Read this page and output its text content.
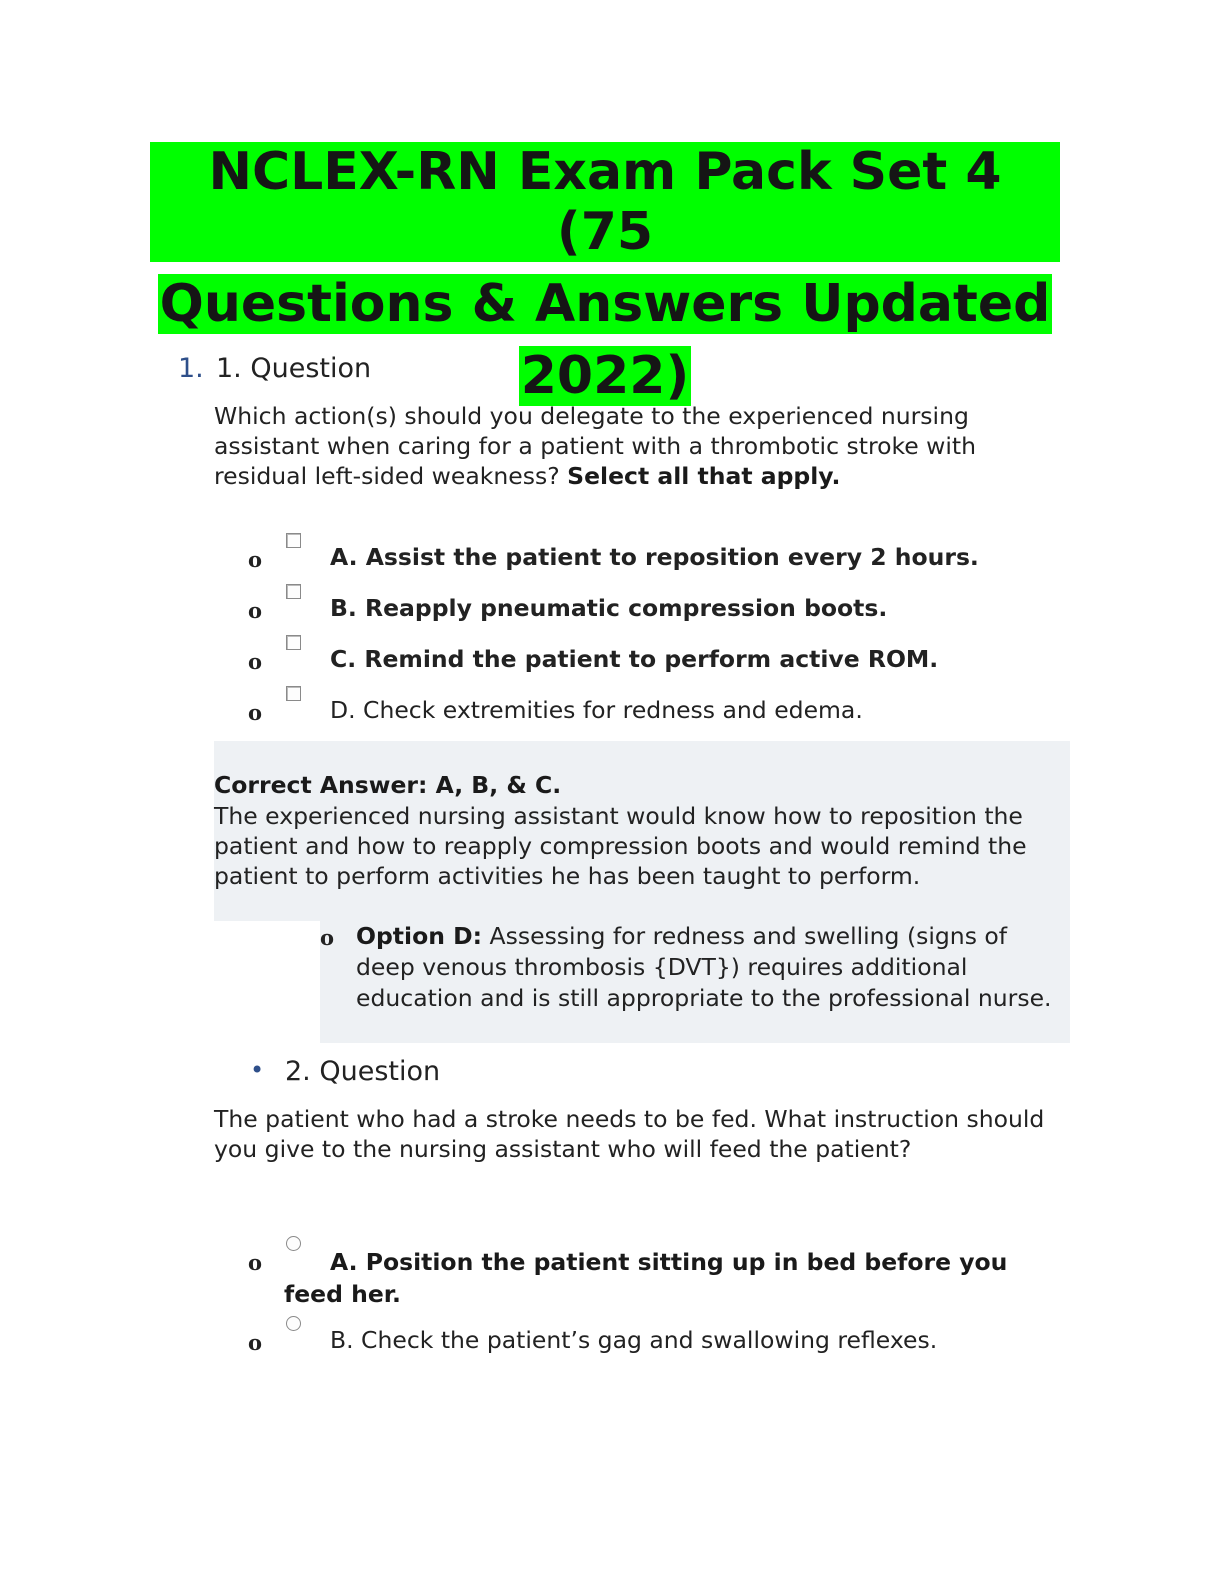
NCLEX-RN Exam Pack Set 4 (75
Questions & Answers Updated
2022)
1. 1. Question
Which action(s) should you delegate to the experienced nursing assistant when caring for a patient with a thrombotic stroke with residual left-sided weakness? Select all that apply.
o	A. Assist the patient to reposition every 2 hours.
o	B. Reapply pneumatic compression boots.
o	C. Remind the patient to perform active ROM.
o	D. Check extremities for redness and edema.
Correct Answer: A, B, & C.
The experienced nursing assistant would know how to reposition the patient and how to reapply compression boots and would remind the patient to perform activities he has been taught to perform.
o Option D: Assessing for redness and swelling (signs of deep venous thrombosis {DVT}) requires additional education and is still appropriate to the professional nurse.
• 2. Question
The patient who had a stroke needs to be fed. What instruction should you give to the nursing assistant who will feed the patient?
o	A. Position the patient sitting up in bed before you feed her.
o	B. Check the patient’s gag and swallowing reflexes.
